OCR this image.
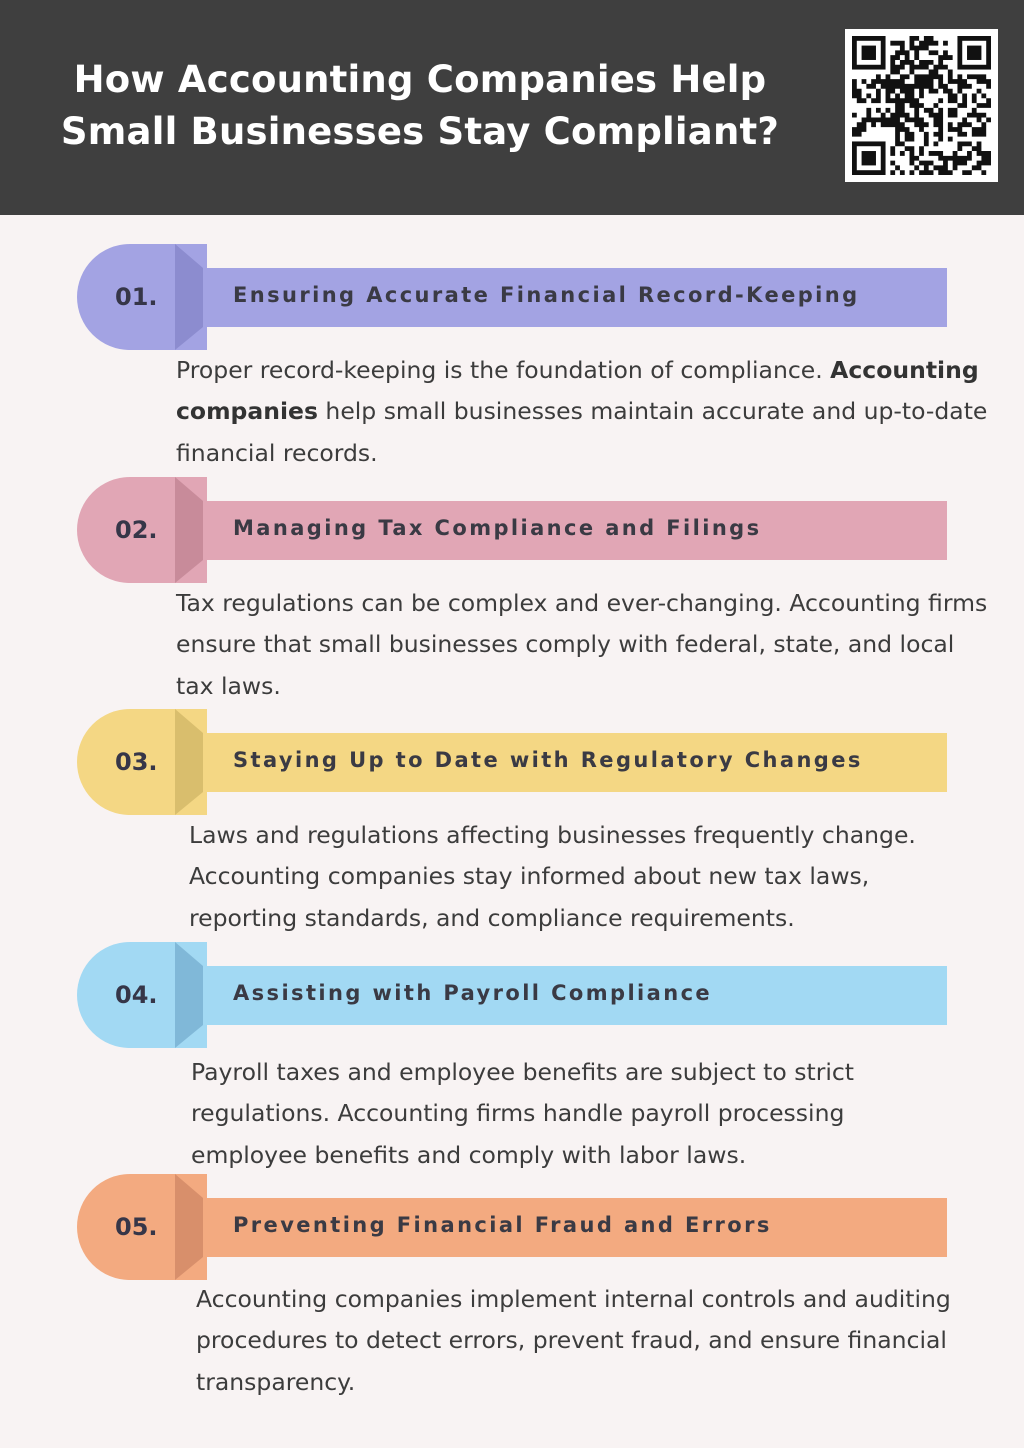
How Accounting Companies Help
Small Businesses Stay Compliant?
01.	Ensuring Accurate Financial Record-Keeping

Proper record-keeping is the foundation of compliance. Accounting companies help small businesses maintain accurate and up-to-date financial records.

02.	Managing Tax Compliance and Filings

Tax regulations can be complex and ever-changing. Accounting firms ensure that small businesses comply with federal, state, and local tax laws.

03.	Staying Up to Date with Regulatory Changes

Laws and regulations affecting businesses frequently change. Accounting companies stay informed about new tax laws, reporting standards, and compliance requirements.

04.	Assisting with Payroll Compliance

Payroll taxes and employee benefits are subject to strict regulations. Accounting firms handle payroll processing employee benefits and comply with labor laws.

05.	Preventing Financial Fraud and Errors

Accounting companies implement internal controls and auditing procedures to detect errors, prevent fraud, and ensure financial transparency.
